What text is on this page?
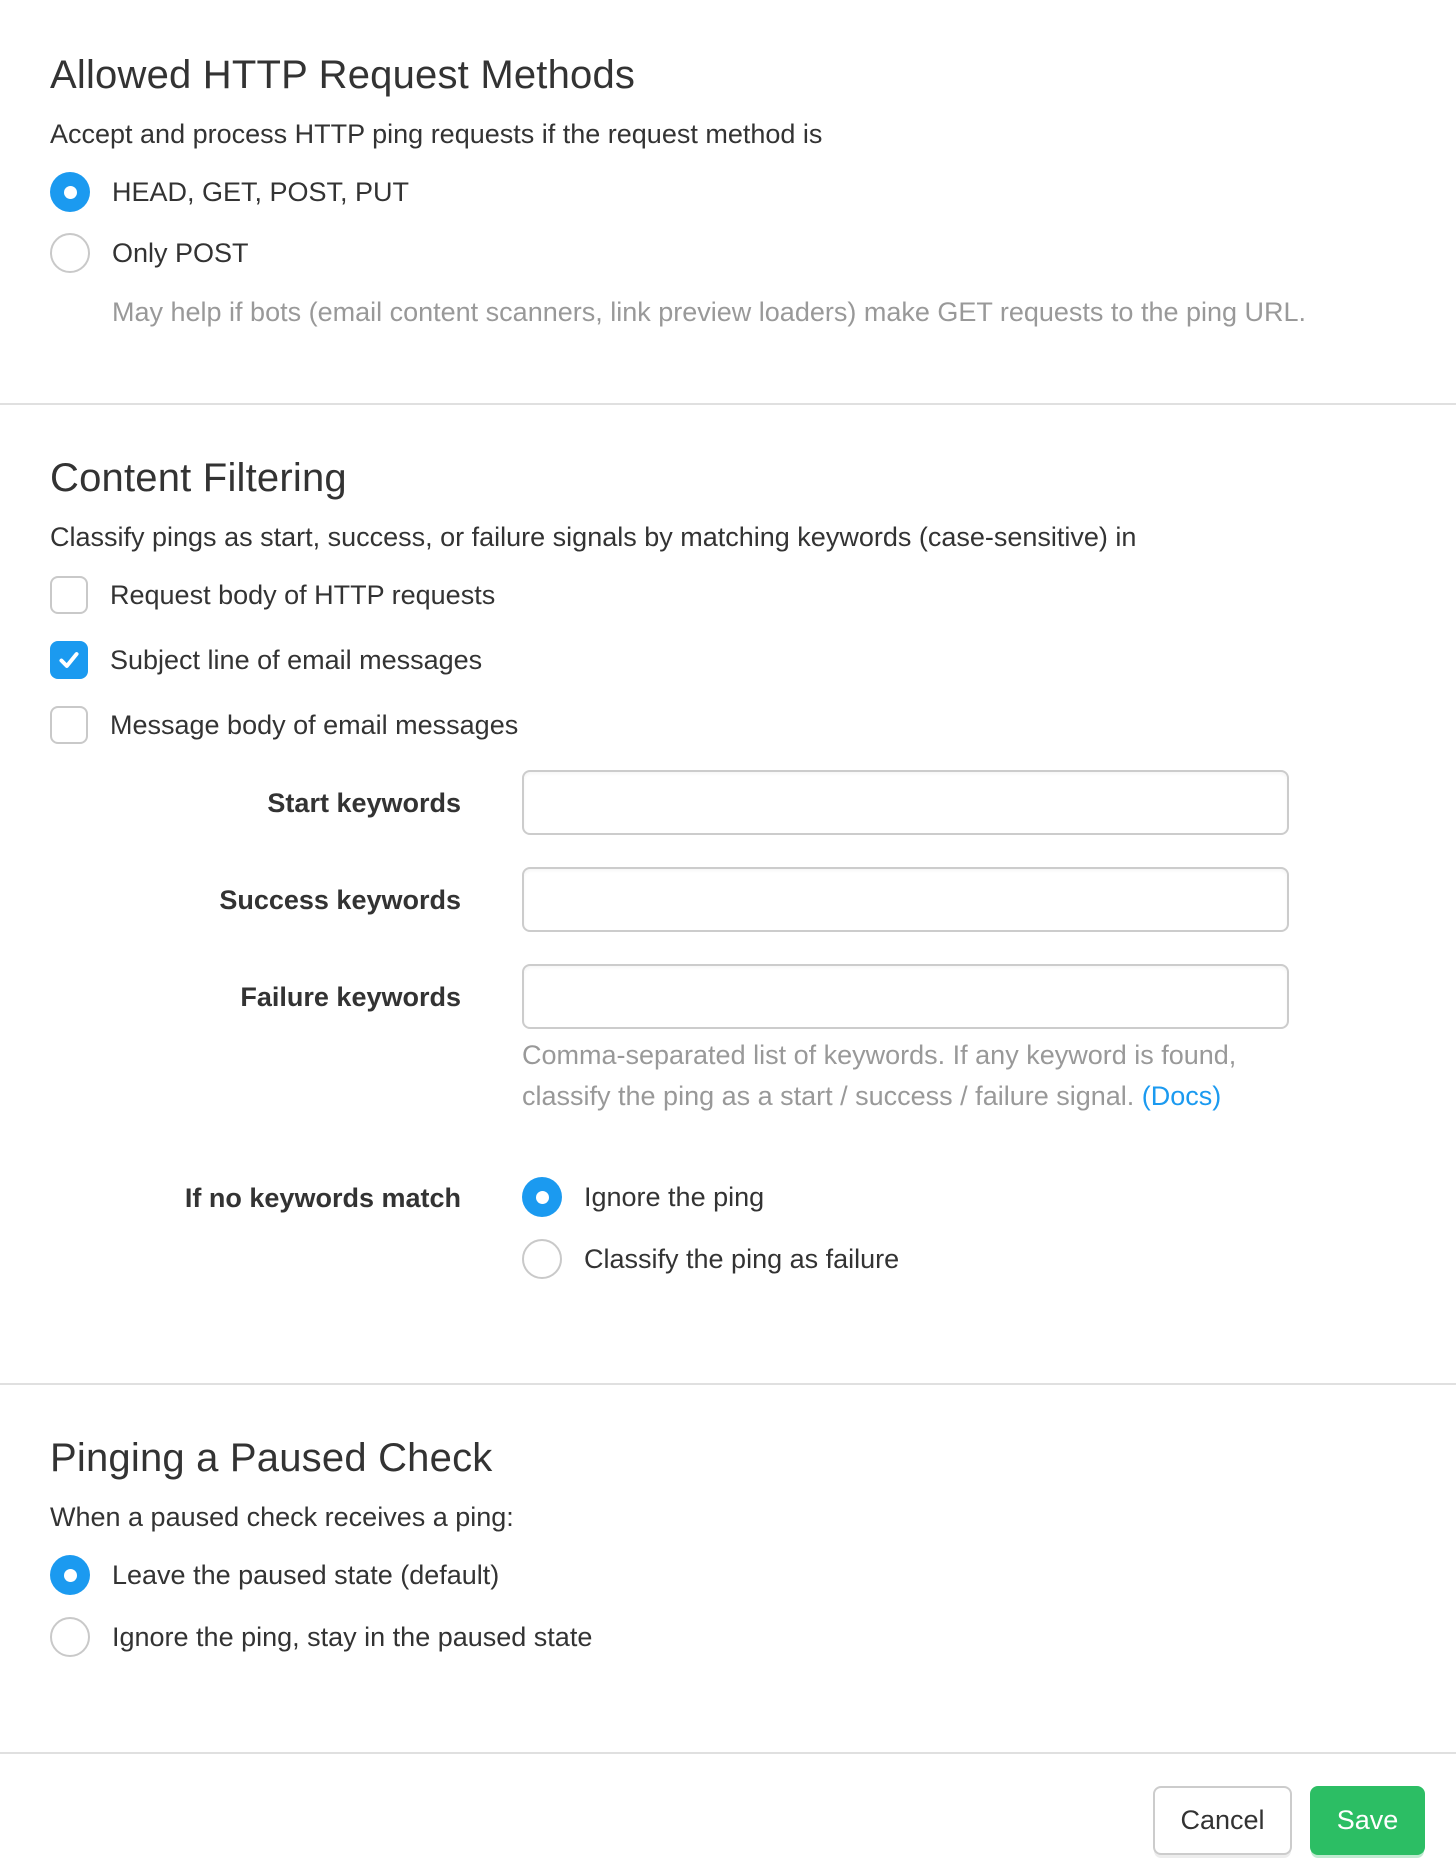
Allowed HTTP Request Methods

Accept and process HTTP ping requests if the request method is

HEAD, GET, POST, PUT
Only POST
May help if bots (email content scanners, link preview loaders) make GET requests to the ping URL.
Content Filtering

Classify pings as start, success, or failure signals by matching keywords (case-sensitive) in

Request body of HTTP requests
Subject line of email messages
Message body of email messages
Start keywords
Success keywords
Failure keywords
Comma-separated list of keywords. If any keyword is found, classify the ping as a start / success / failure signal. (Docs)
If no keywords match	Ignore the ping
Classify the ping as failure
Pinging a Paused Check

When a paused check receives a ping:

Leave the paused state (default)
Ignore the ping, stay in the paused state
Cancel	Save
